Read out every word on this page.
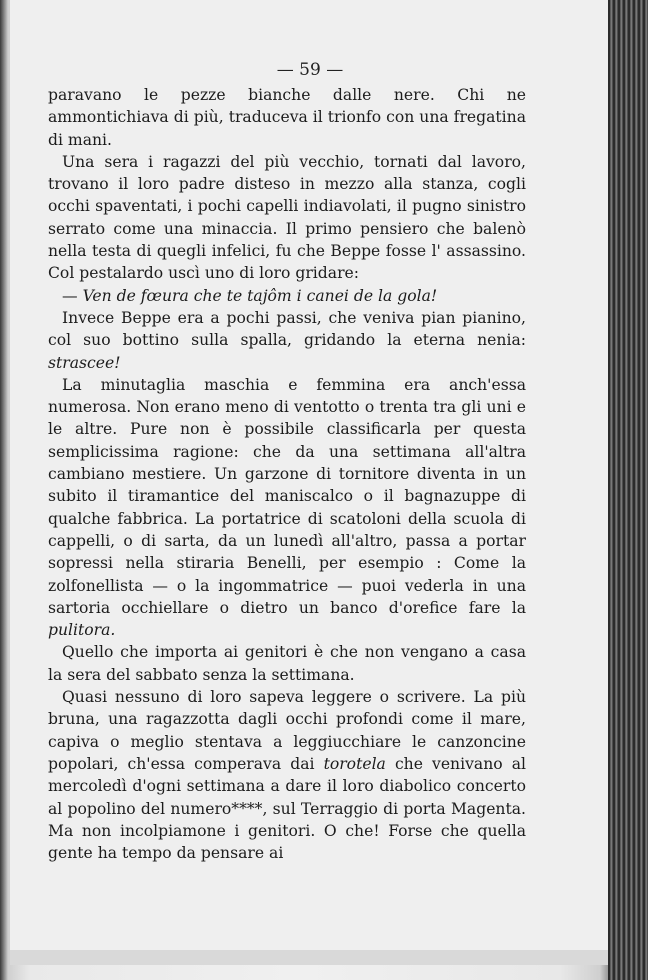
— 59 —

paravano le pezze bianche dalle nere. Chi ne ammontichiava di più, traduceva il trionfo con una fregatina di mani.

Una sera i ragazzi del più vecchio, tornati dal lavoro, trovano il loro padre disteso in mezzo alla stanza, cogli occhi spaventati, i pochi capelli indiavolati, il pugno sinistro serrato come una minaccia. Il primo pensiero che balenò nella testa di quegli infelici, fu che Beppe fosse l' assassino. Col pestalardo uscì uno di loro gridare:

— Ven de fœura che te tajôm i canei de la gola!

Invece Beppe era a pochi passi, che veniva pian pianino, col suo bottino sulla spalla, gridando la eterna nenia: strascee!

La minutaglia maschia e femmina era anch'essa numerosa. Non erano meno di ventotto o trenta tra gli uni e le altre. Pure non è possibile classificarla per questa semplicissima ragione: che da una settimana all'altra cambiano mestiere. Un garzone di tornitore diventa in un subito il tiramantice del maniscalco o il bagnazuppe di qualche fabbrica. La portatrice di scatoloni della scuola di cappelli, o di sarta, da un lunedì all'altro, passa a portar sopressi nella stiraria Benelli, per esempio : Come la zolfonellista — o la ingommatrice — puoi vederla in una sartoria occhiellare o dietro un banco d'orefice fare la pulitora.

Quello che importa ai genitori è che non vengano a casa la sera del sabbato senza la settimana.

Quasi nessuno di loro sapeva leggere o scrivere. La più bruna, una ragazzotta dagli occhi profondi come il mare, capiva o meglio stentava a leggiucchiare le canzoncine popolari, ch'essa comperava dai torotela che venivano al mercoledì d'ogni settimana a dare il loro diabolico concerto al popolino del numero****, sul Terraggio di porta Magenta. Ma non incolpiamone i genitori. O che! Forse che quella gente ha tempo da pensare ai
